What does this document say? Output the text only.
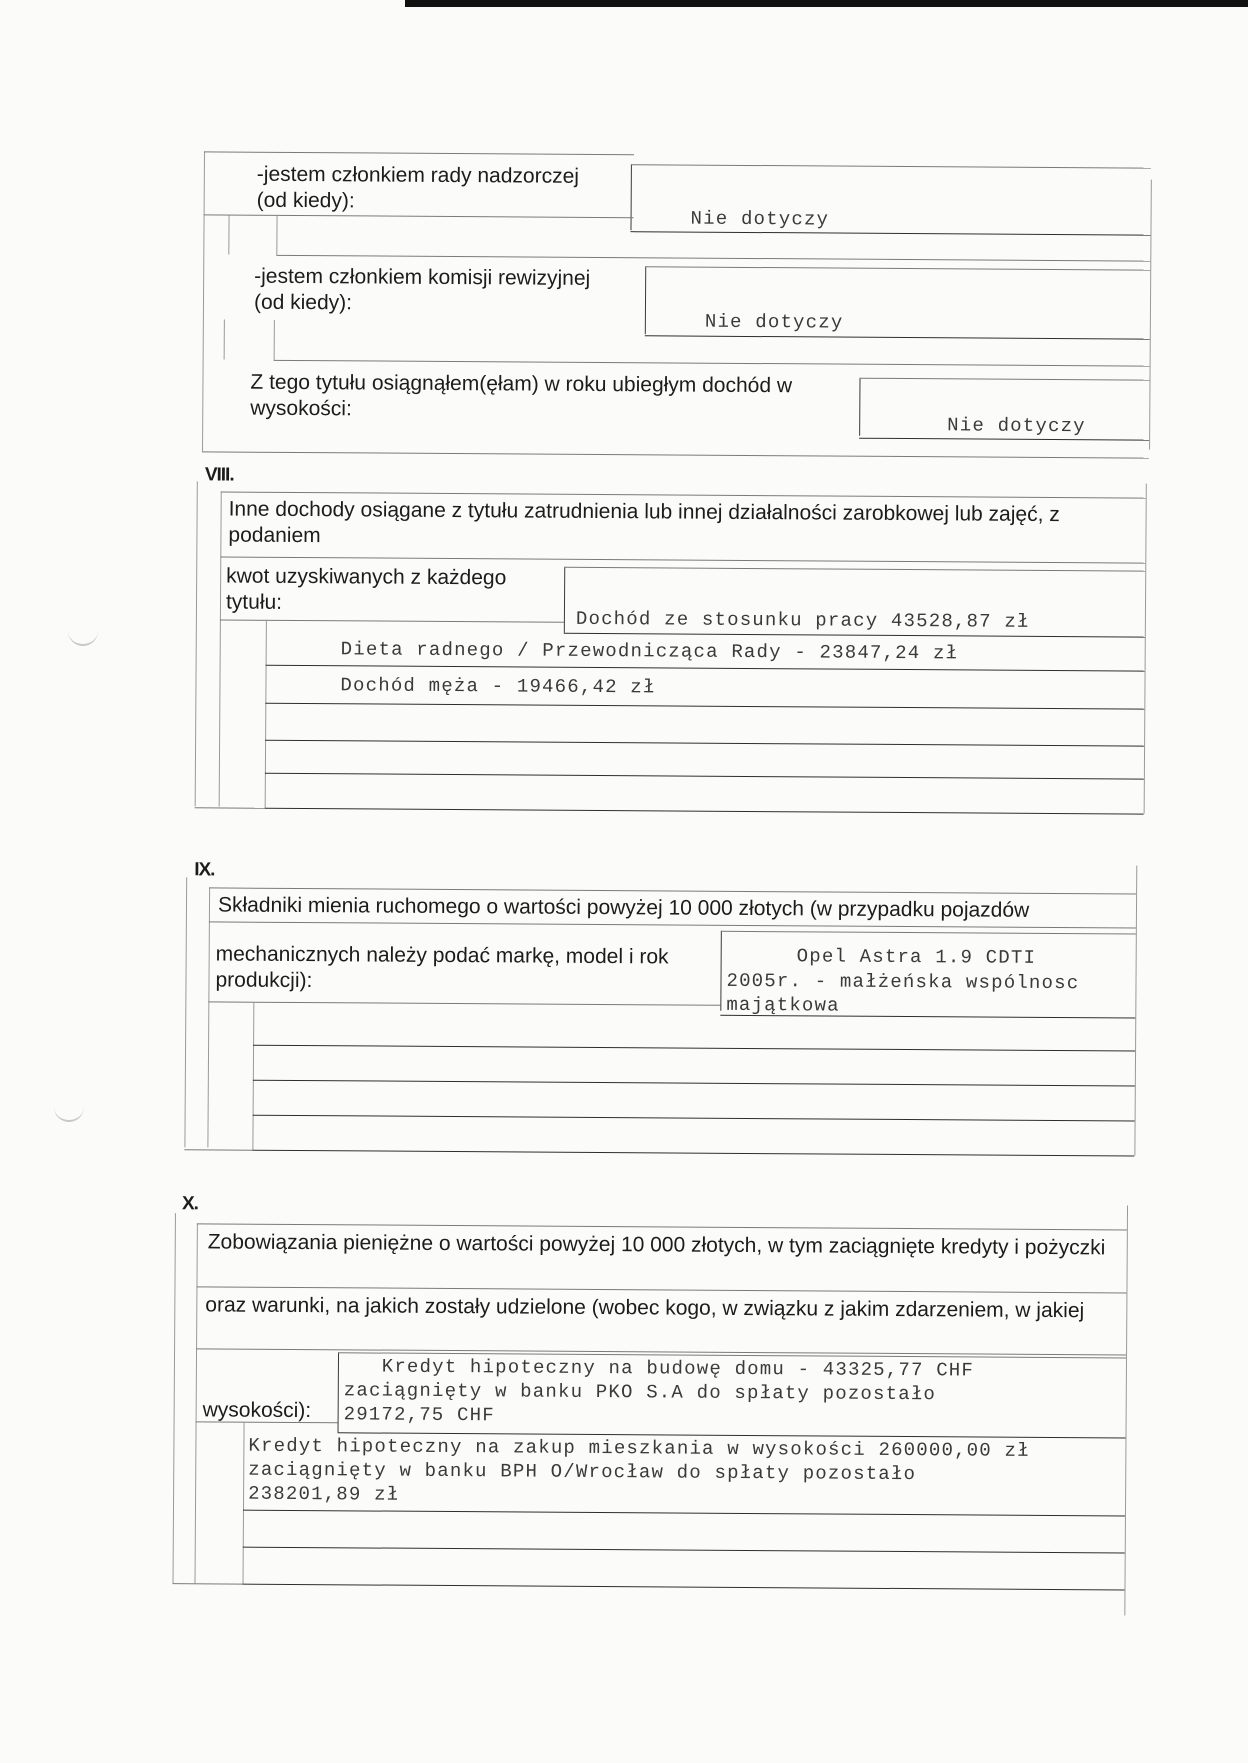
-jestem członkiem rady nadzorczej (od kiedy):
Nie dotyczy
-jestem członkiem komisji rewizyjnej (od kiedy):
Nie dotyczy
Z tego tytułu osiągnąłem(ęłam) w roku ubiegłym dochód w wysokości:
Nie dotyczy
VIII.
Inne dochody osiągane z tytułu zatrudnienia lub innej działalności zarobkowej lub zajęć, z podaniem
kwot uzyskiwanych z każdego tytułu:
Dochód ze stosunku pracy 43528,87 zł
Dieta radnego / Przewodnicząca Rady - 23847,24 zł
Dochód męża - 19466,42 zł
IX.
Składniki mienia ruchomego o wartości powyżej 10 000 złotych (w przypadku pojazdów
mechanicznych należy podać markę, model i rok produkcji):
Opel Astra 1.9 CDTI
2005r. - małżeńska wspólnosc majątkowa
X.
Zobowiązania pieniężne o wartości powyżej 10 000 złotych, w tym zaciągnięte kredyty i pożyczki
oraz warunki, na jakich zostały udzielone (wobec kogo, w związku z jakim zdarzeniem, w jakiej
wysokości):
Kredyt hipoteczny na budowę domu - 43325,77 CHF
zaciągnięty w banku PKO S.A do spłaty pozostało
29172,75 CHF
Kredyt hipoteczny na zakup mieszkania w wysokości 260000,00 zł
zaciągnięty w banku BPH O/Wrocław do spłaty pozostało
238201,89 zł
